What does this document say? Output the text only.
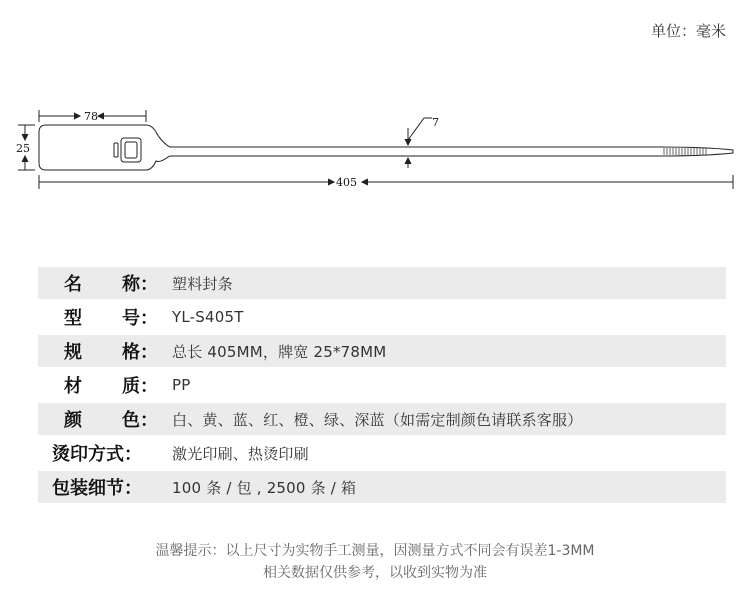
单位：毫米
78
25
7
405
名 称： 塑料封条
型 号： YL-S405T
规 格： 总长 405MM，牌宽 25*78MM
材 质： PP
颜 色： 白、黄、蓝、红、橙、绿、深蓝（如需定制颜色请联系客服）
烫印方式：	激光印刷、热烫印刷
包装细节：	100 条 / 包 , 2500 条 / 箱
温馨提示：以上尺寸为实物手工测量，因测量方式不同会有误差1-3MM
相关数据仅供参考，以收到实物为准
